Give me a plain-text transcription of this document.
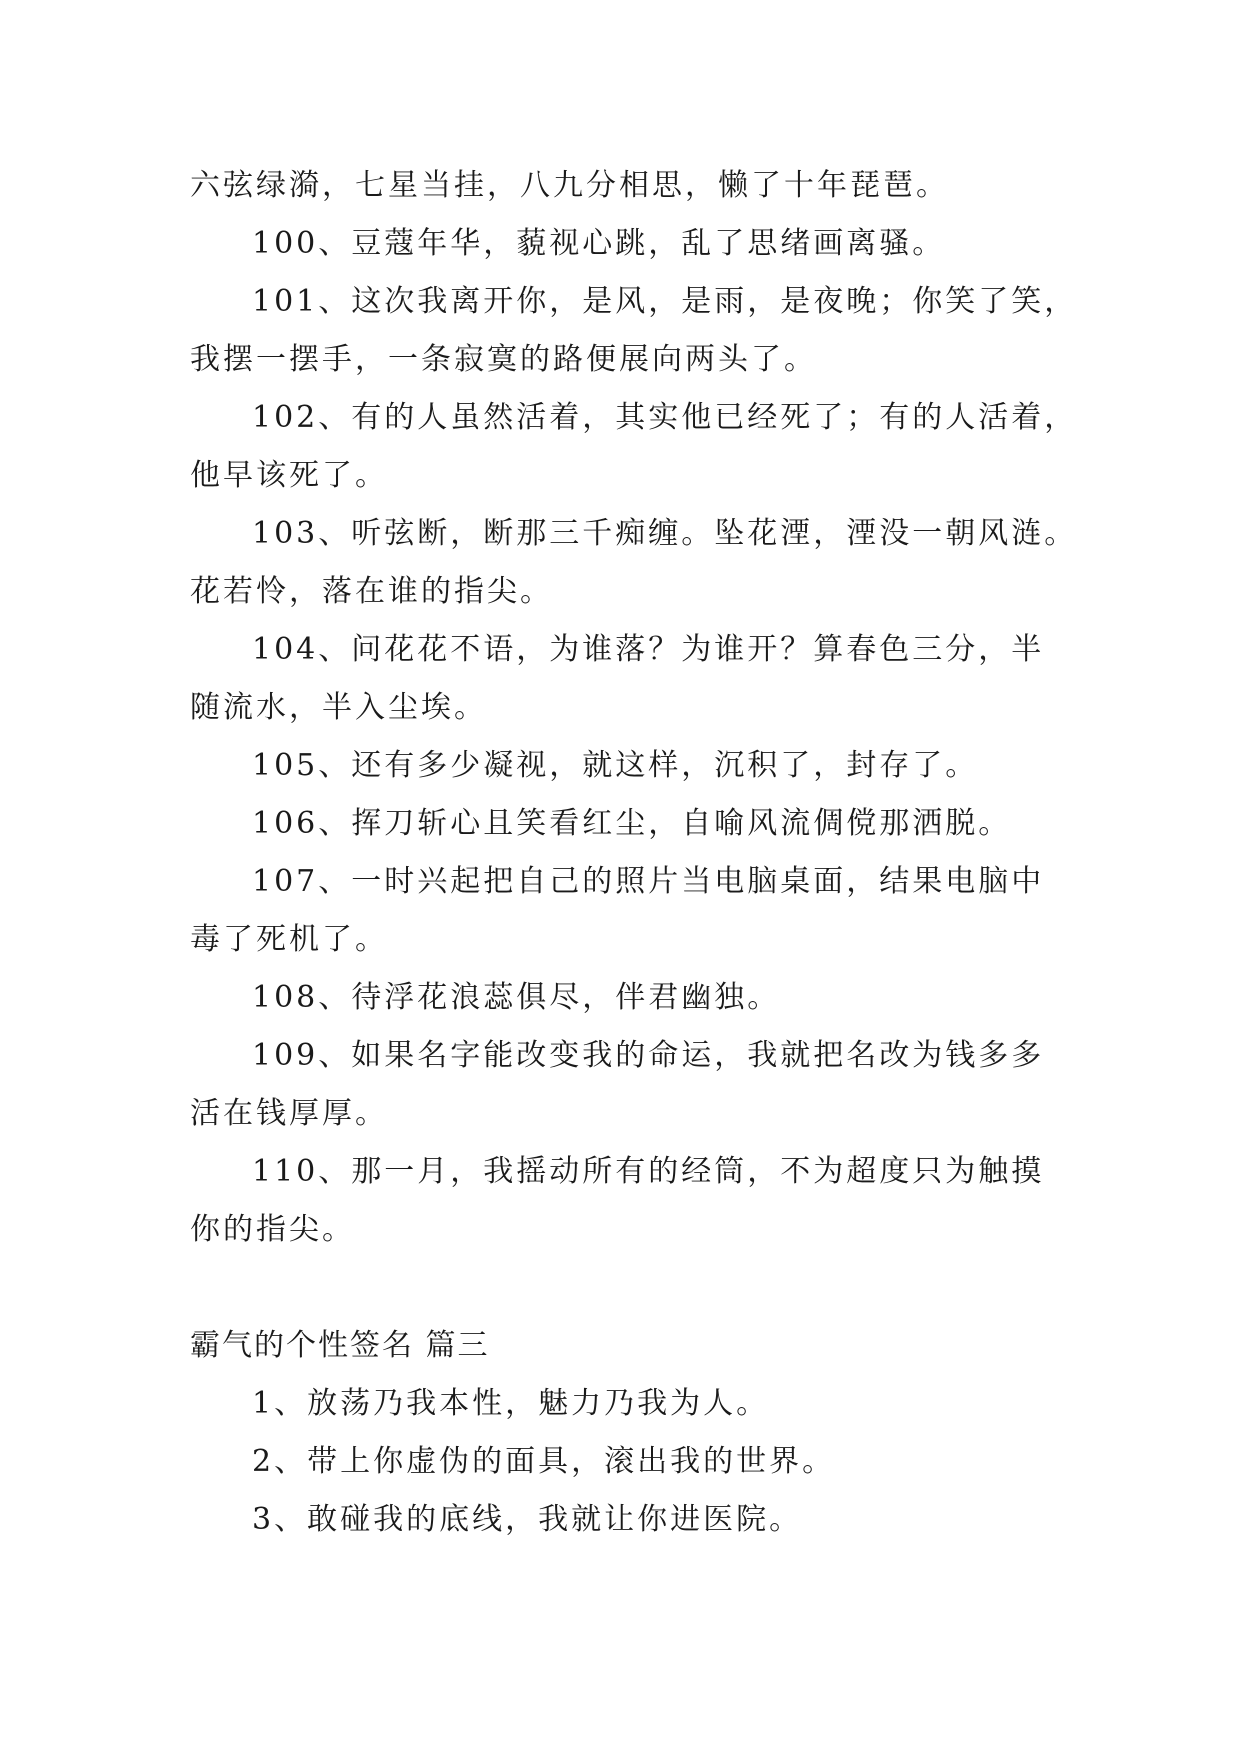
六弦绿漪，七星当挂，八九分相思，懒了十年琵琶。
100、豆蔻年华，藐视心跳，乱了思绪画离骚。
101、这次我离开你，是风，是雨，是夜晚；你笑了笑，
我摆一摆手，一条寂寞的路便展向两头了。
102、有的人虽然活着，其实他已经死了；有的人活着，
他早该死了。
103、听弦断，断那三千痴缠。坠花湮，湮没一朝风涟。
花若怜，落在谁的指尖。
104、问花花不语，为谁落？为谁开？算春色三分，半
随流水，半入尘埃。
105、还有多少凝视，就这样，沉积了，封存了。
106、挥刀斩心且笑看红尘，自喻风流倜傥那洒脱。
107、一时兴起把自己的照片当电脑桌面，结果电脑中
毒了死机了。
108、待浮花浪蕊俱尽，伴君幽独。
109、如果名字能改变我的命运，我就把名改为钱多多
活在钱厚厚。
110、那一月，我摇动所有的经筒，不为超度只为触摸
你的指尖。
霸气的个性签名 篇三
1、放荡乃我本性，魅力乃我为人。
2、带上你虚伪的面具，滚出我的世界。
3、敢碰我的底线，我就让你进医院。
